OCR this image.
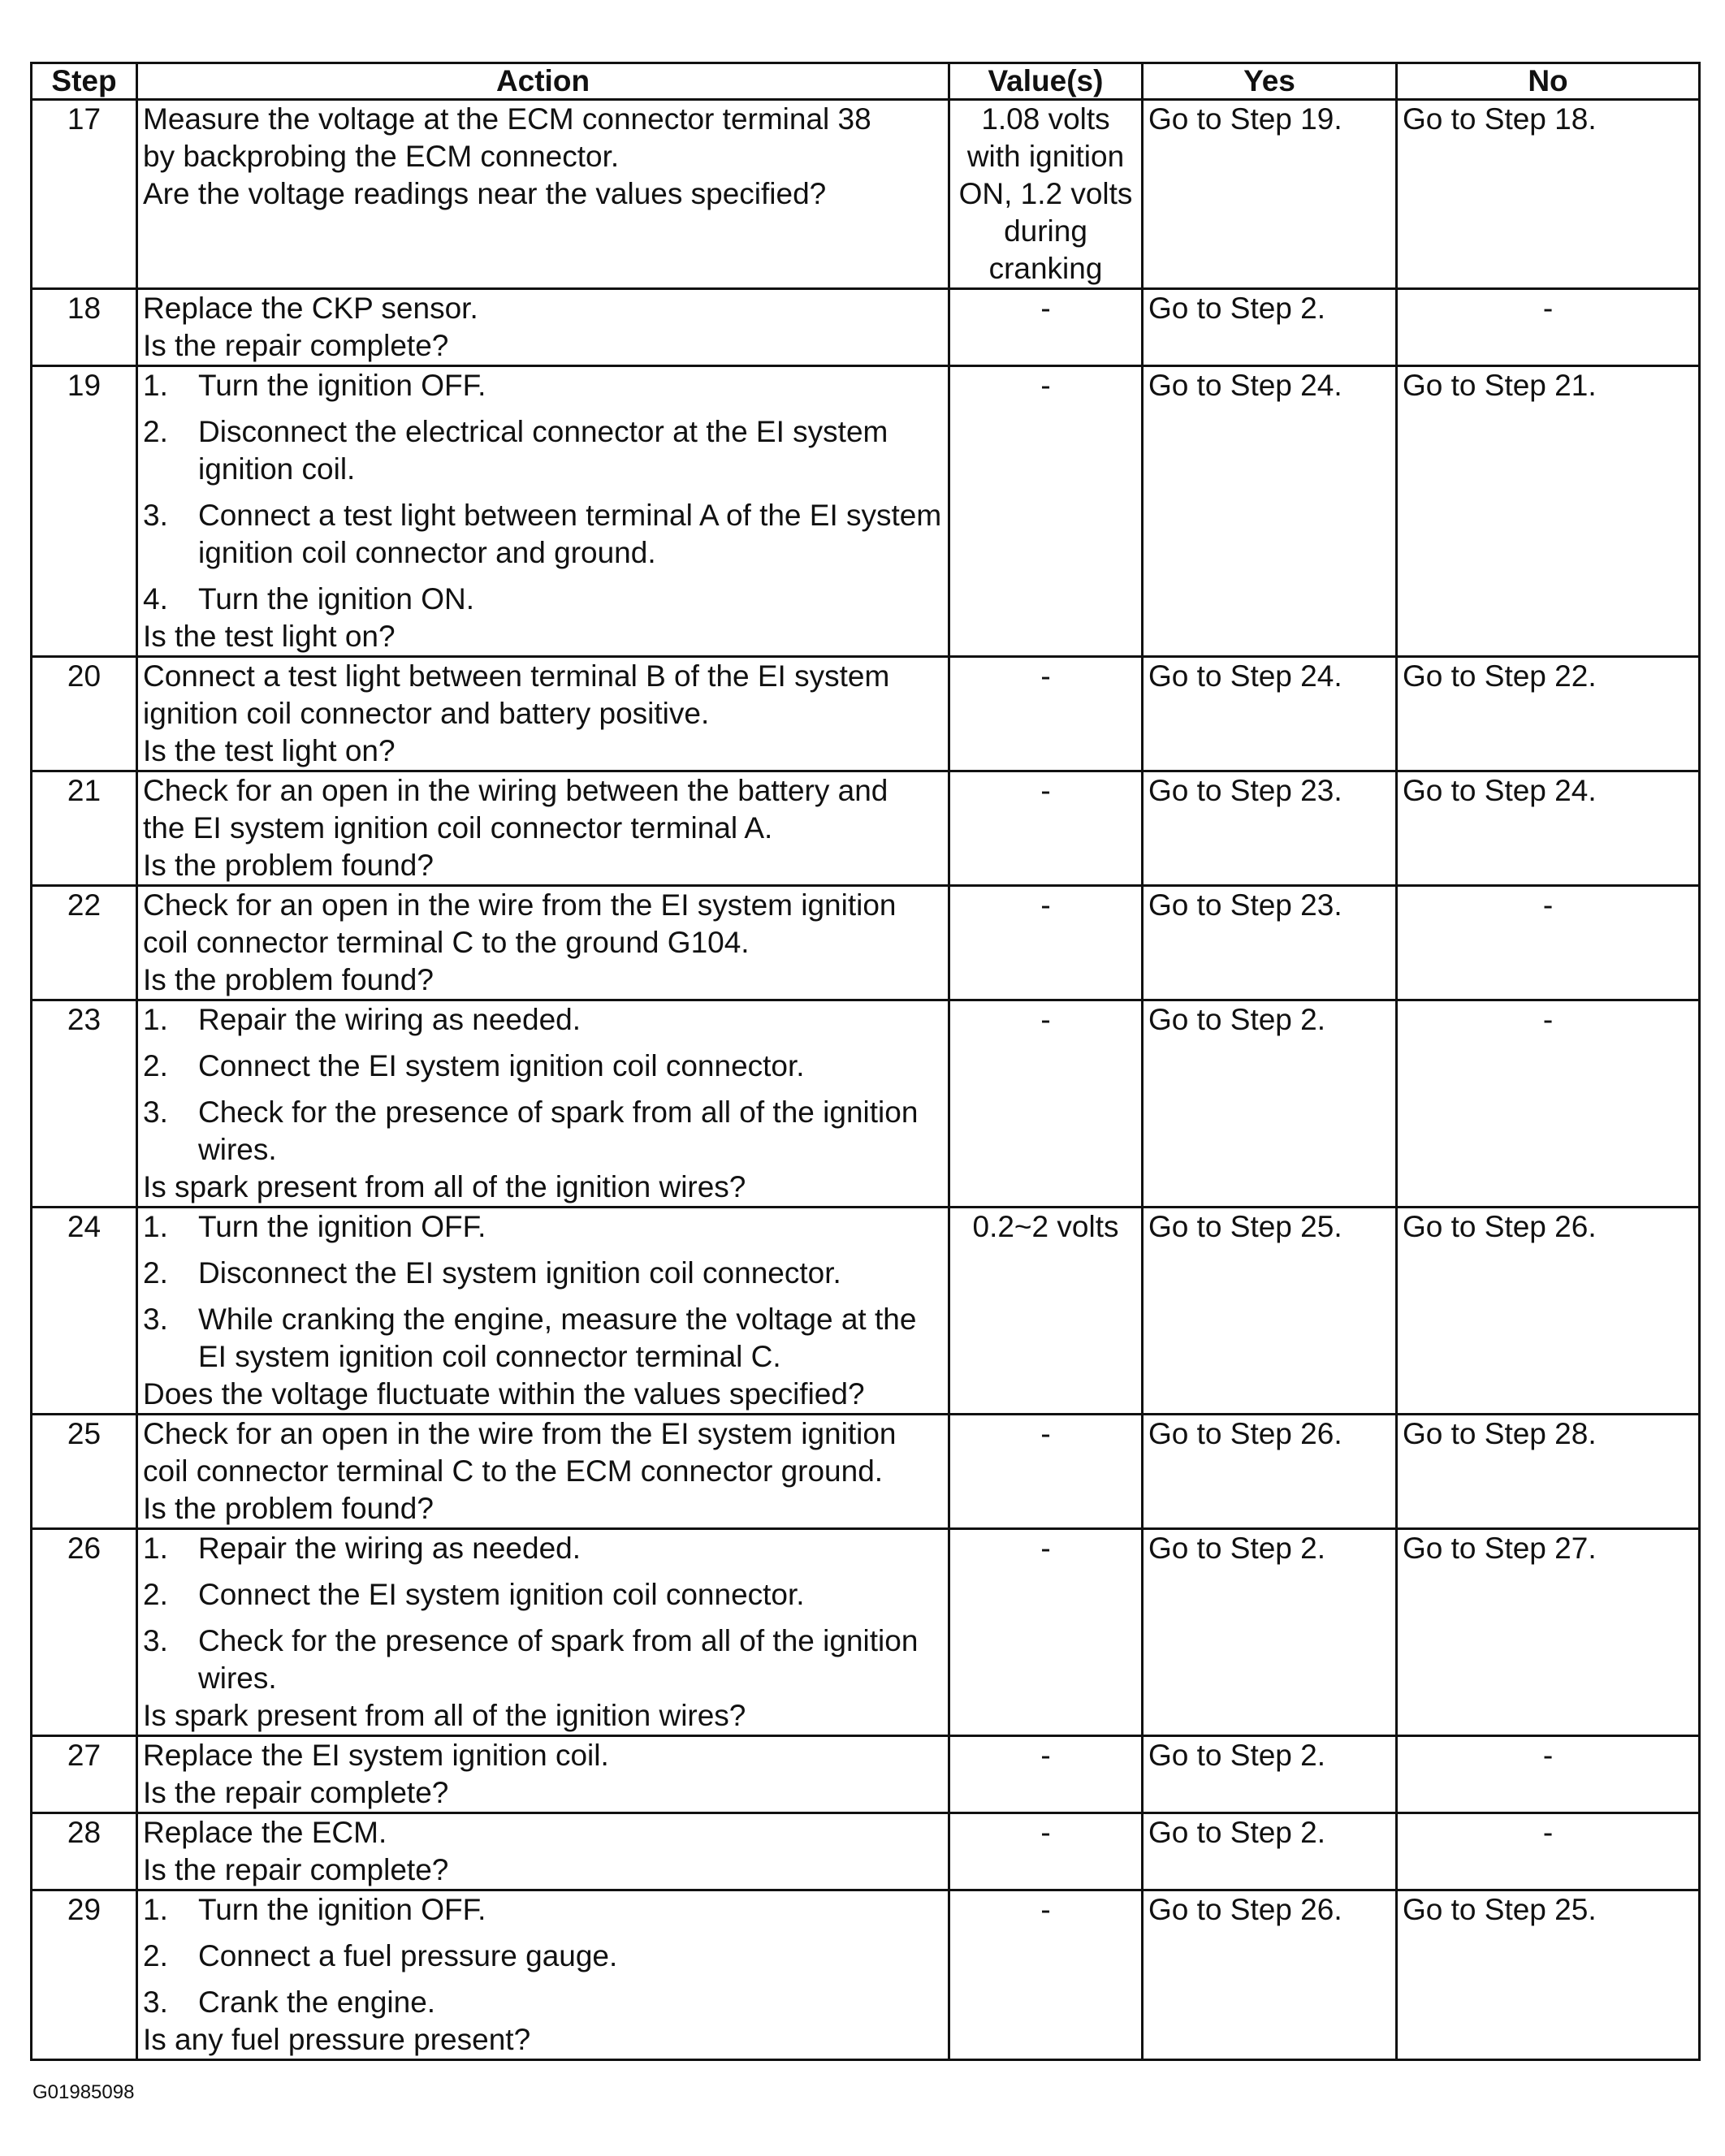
Step	Action	Value(s)	Yes	No
17	Measure the voltage at the ECM connector terminal 38
by backprobing the ECM connector.
Are the voltage readings near the values specified?	1.08 volts
with ignition
ON, 1.2 volts
during
cranking	Go to Step 19.	Go to Step 18.
18	Replace the CKP sensor.
Is the repair complete?	-	Go to Step 2.	-
19	1. Turn the ignition OFF.
2. Disconnect the electrical connector at the EI system ignition coil.
3. Connect a test light between terminal A of the EI system ignition coil connector and ground.
4. Turn the ignition ON.
Is the test light on?	-	Go to Step 24.	Go to Step 21.
20	Connect a test light between terminal B of the EI system
ignition coil connector and battery positive.
Is the test light on?	-	Go to Step 24.	Go to Step 22.
21	Check for an open in the wiring between the battery and
the EI system ignition coil connector terminal A.
Is the problem found?	-	Go to Step 23.	Go to Step 24.
22	Check for an open in the wire from the EI system ignition
coil connector terminal C to the ground G104.
Is the problem found?	-	Go to Step 23.	-
23	1. Repair the wiring as needed.
2. Connect the EI system ignition coil connector.
3. Check for the presence of spark from all of the ignition wires.
Is spark present from all of the ignition wires?	-	Go to Step 2.	-
24	1. Turn the ignition OFF.
2. Disconnect the EI system ignition coil connector.
3. While cranking the engine, measure the voltage at the EI system ignition coil connector terminal C.
Does the voltage fluctuate within the values specified?	0.2~2 volts	Go to Step 25.	Go to Step 26.
25	Check for an open in the wire from the EI system ignition
coil connector terminal C to the ECM connector ground.
Is the problem found?	-	Go to Step 26.	Go to Step 28.
26	1. Repair the wiring as needed.
2. Connect the EI system ignition coil connector.
3. Check for the presence of spark from all of the ignition wires.
Is spark present from all of the ignition wires?	-	Go to Step 2.	Go to Step 27.
27	Replace the EI system ignition coil.
Is the repair complete?	-	Go to Step 2.	-
28	Replace the ECM.
Is the repair complete?	-	Go to Step 2.	-
29	1. Turn the ignition OFF.
2. Connect a fuel pressure gauge.
3. Crank the engine.
Is any fuel pressure present?	-	Go to Step 26.	Go to Step 25.
G01985098
